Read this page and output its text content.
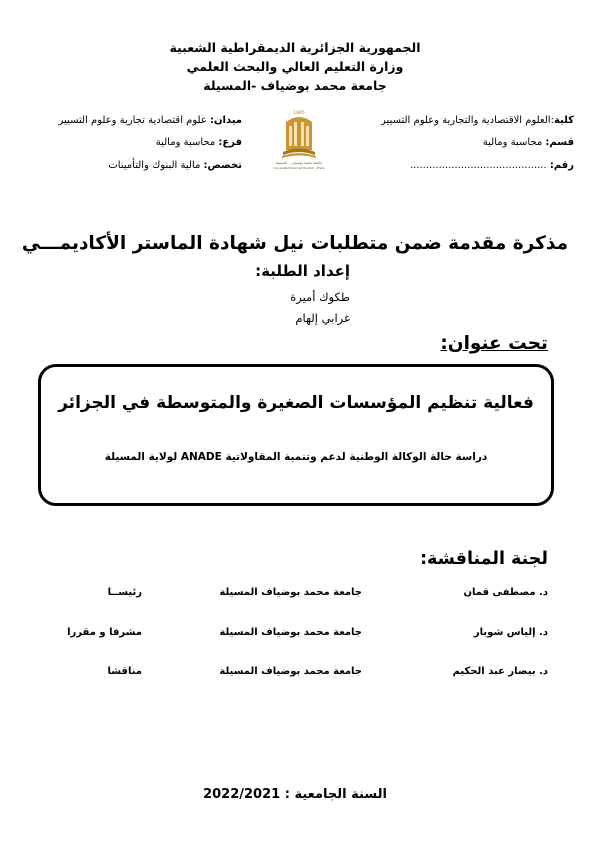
الجمهورية الجزائرية الديمقراطية الشعبية
وزارة التعليم العالي والبحث العلمي
جامعة محمد بوضياف -المسيلة
كلية:العلوم الاقتصادية والتجارية وعلوم التسيير
قسم: محاسبة ومالية
رقم: ...........................................
ميدان: علوم اقتصادية تجارية وعلوم التسيير
فرع: محاسبة ومالية
تخصص: مالية البنوك والتأمينات
1985
جامعة محمد بوضياف - المسيلة
Université Mohamed Boudiaf - M'sila
مذكرة مقدمة ضمن متطلبات نيل شهادة الماستر الأكاديمـــي
إعداد الطلبة:
طكوك أميرة
غرابي إلهام
تحت عنوان:
فعالية تنظيم المؤسسات الصغيرة والمتوسطة في الجزائر
دراسة حالة الوكالة الوطنية لدعم وتنمية المقاولاتية ANADE لولاية المسيلة
لجنة المناقشة:
د. مصطفى قمان
جامعة محمد بوضياف المسيلة
رئيســا
د. إلياس شوبار
جامعة محمد بوضياف المسيلة
مشرفا و مقررا
د. بيصار عبد الحكيم
جامعة محمد بوضياف المسيلة
مناقشا
السنة الجامعية : 2022/2021
